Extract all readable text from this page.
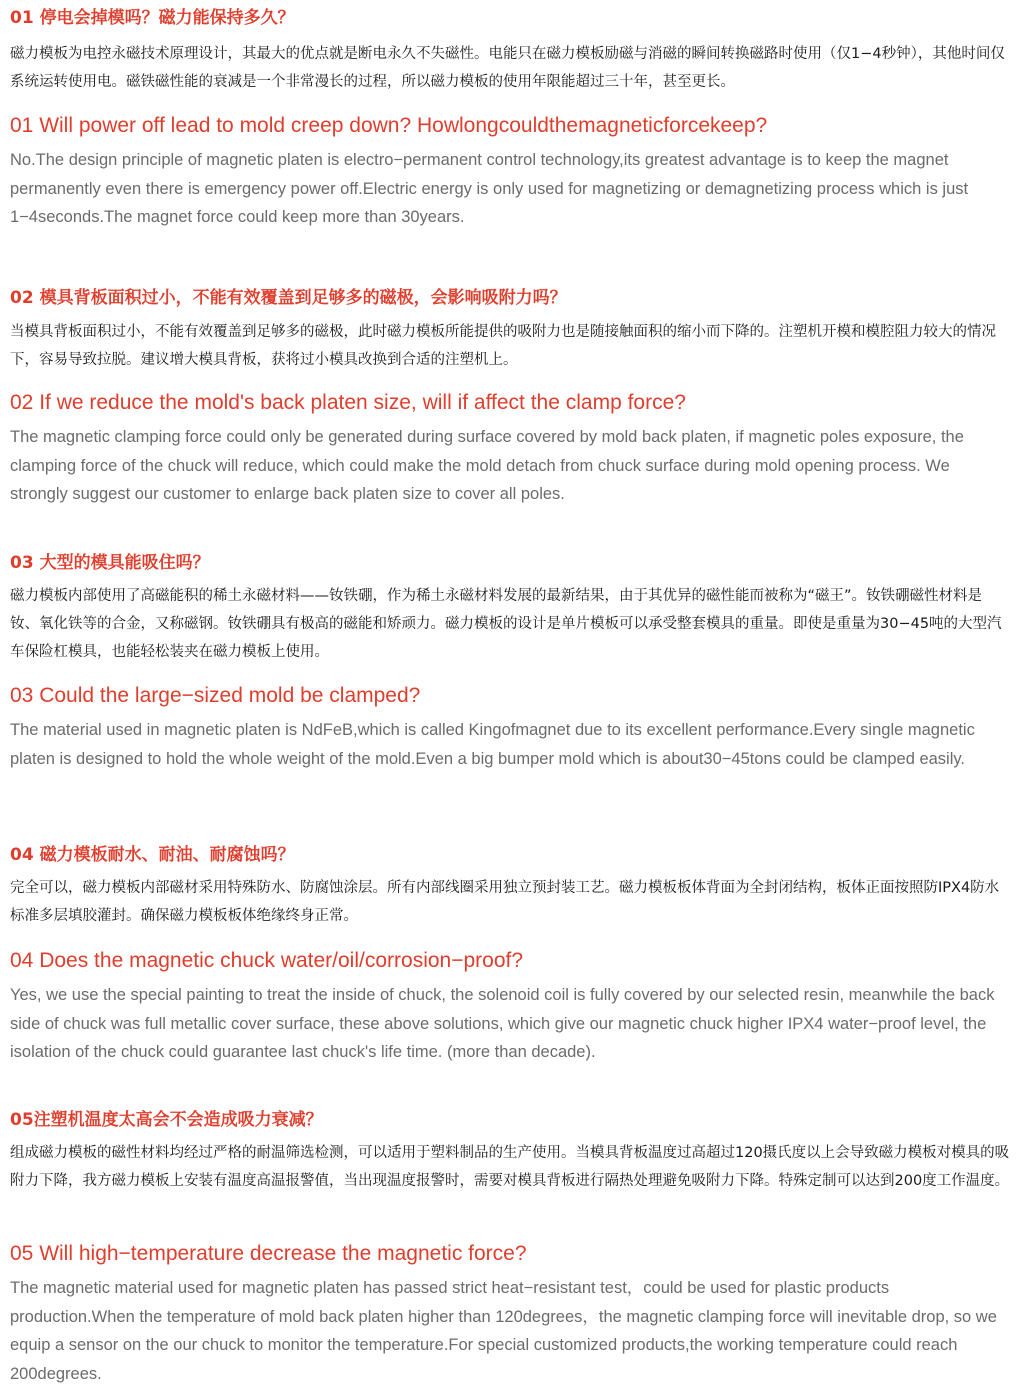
01 停电会掉模吗？磁力能保持多久？

磁力模板为电控永磁技术原理设计，其最大的优点就是断电永久不失磁性。电能只在磁力模板励磁与消磁的瞬间转换磁路时使用（仅1−4秒钟），其他时间仅系统运转使用电。磁铁磁性能的衰减是一个非常漫长的过程，所以磁力模板的使用年限能超过三十年，甚至更长。

01 Will power off lead to mold creep down? Howlongcouldthemagneticforcekeep?

No.The design principle of magnetic platen is electro−permanent control technology,its greatest advantage is to keep the magnet permanently even there is emergency power off.Electric energy is only used for magnetizing or demagnetizing process which is just 1−4seconds.The magnet force could keep more than 30years.

02 模具背板面积过小，不能有效覆盖到足够多的磁极，会影响吸附力吗？

当模具背板面积过小，不能有效覆盖到足够多的磁极，此时磁力模板所能提供的吸附力也是随接触面积的缩小而下降的。注塑机开模和模腔阻力较大的情况下，容易导致拉脱。建议增大模具背板，获将过小模具改换到合适的注塑机上。

02 If we reduce the mold's back platen size, will if affect the clamp force?

The magnetic clamping force could only be generated during surface covered by mold back platen, if magnetic poles exposure, the clamping force of the chuck will reduce, which could make the mold detach from chuck surface during mold opening process. We strongly suggest our customer to enlarge back platen size to cover all poles.

03 大型的模具能吸住吗？

磁力模板内部使用了高磁能积的稀土永磁材料——钕铁硼，作为稀土永磁材料发展的最新结果，由于其优异的磁性能而被称为“磁王”。钕铁硼磁性材料是钕、氧化铁等的合金，又称磁钢。钕铁硼具有极高的磁能和矫顽力。磁力模板的设计是单片模板可以承受整套模具的重量。即使是重量为30−45吨的大型汽车保险杠模具，也能轻松装夹在磁力模板上使用。

03 Could the large−sized mold be clamped?

The material used in magnetic platen is NdFeB,which is called Kingofmagnet due to its excellent performance.Every single magnetic platen is designed to hold the whole weight of the mold.Even a big bumper mold which is about30−45tons could be clamped easily.

04 磁力模板耐水、耐油、耐腐蚀吗？

完全可以，磁力模板内部磁材采用特殊防水、防腐蚀涂层。所有内部线圈采用独立预封装工艺。磁力模板板体背面为全封闭结构，板体正面按照防IPX4防水标准多层填胶灌封。确保磁力模板板体绝缘终身正常。

04 Does the magnetic chuck water/oil/corrosion−proof?

Yes, we use the special painting to treat the inside of chuck, the solenoid coil is fully covered by our selected resin, meanwhile the back side of chuck was full metallic cover surface, these above solutions, which give our magnetic chuck higher IPX4 water−proof level, the isolation of the chuck could guarantee last chuck's life time. (more than decade).

05注塑机温度太高会不会造成吸力衰减？

组成磁力模板的磁性材料均经过严格的耐温筛选检测，可以适用于塑料制品的生产使用。当模具背板温度过高超过120摄氏度以上会导致磁力模板对模具的吸附力下降，我方磁力模板上安装有温度高温报警值，当出现温度报警时，需要对模具背板进行隔热处理避免吸附力下降。特殊定制可以达到200度工作温度。

05 Will high−temperature decrease the magnetic force?

The magnetic material used for magnetic platen has passed strict heat−resistant test，could be used for plastic products production.When the temperature of mold back platen higher than 120degrees，the magnetic clamping force will inevitable drop, so we equip a sensor on the our chuck to monitor the temperature.For special customized products,the working temperature could reach 200degrees.
